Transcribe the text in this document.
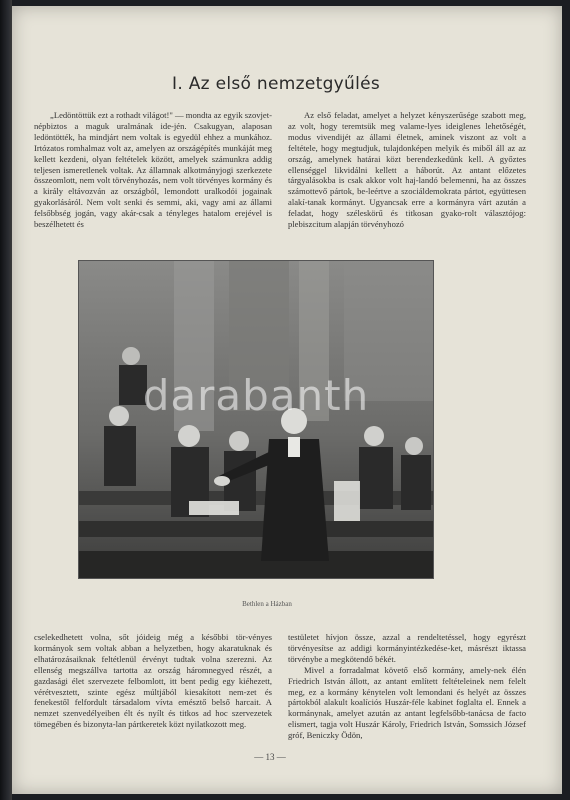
I. Az első nemzetgyűlés

„Ledöntöttük ezt a rothadt világot!" — mondta az egyik szovjet-népbiztos a maguk uralmának ide-jén. Csakugyan, alaposan ledöntötték, ha mindjárt nem voltak is egyedül ehhez a munkához. Irtózatos romhalmaz volt az, amelyen az országépítés munkáját meg kellett kezdeni, olyan feltételek között, amelyek számunkra addig teljesen ismeretlenek voltak. Az államnak alkotmányjogi szerkezete összeomlott, nem volt törvényhozás, nem volt törvényes kormány és a király eltávozván az országból, lemondott uralkodói jogainak gyakorlásáról. Nem volt senki és semmi, aki, vagy ami az állami felsőbbség jogán, vagy akár-csak a tényleges hatalom erejével is beszélhetett és

Az első feladat, amelyet a helyzet kényszerűsége szabott meg, az volt, hogy teremtsük meg valame-lyes ideiglenes lehetőségét, modus vivendijét az állami életnek, aminek viszont az volt a feltétele, hogy megtudjuk, tulajdonképen melyik és miből áll az az ország, amelynek határai közt berendezkedünk kell. A győztes ellenséggel likvidálni kellett a háborút. Az antant előzetes tárgyalásokba is csak akkor volt haj-landó belemenni, ha az összes számottevő pártok, be-leértve a szociáldemokrata pártot, együttesen alakí-tanak kormányt. Ugyancsak erre a kormányra várt azután a feladat, hogy széleskörű és titkosan gyako-rolt választójog: plebiszcitum alapján törvényhozó

darabanth
Bethlen a Házban

cselekedhetett volna, sőt jóideig még a későbbi tör-vényes kormányok sem voltak abban a helyzetben, hogy akaratuknak és elhatározásaiknak feltétlenül érvényt tudtak volna szerezni. Az ellenség megszállva tartotta az ország háromnegyed részét, a gazdasági élet szervezete felbomlott, itt bent pedig egy kiéhezett, vérétvesztett, szinte egész múltjából kiesakított nem-zet és fenekestől felfordult társadalom vívta emésztő belső harcait. A nemzet szenvedélyeiben élt és nyílt és titkos ad hoc szervezetek tömegében és bizonyta-lan pártkeretek közt nyilatkozott meg.

testületet hívjon össze, azzal a rendeltetéssel, hogy egyrészt törvényesítse az addigi kormányintézkedése-ket, másrészt iktassa törvénybe a megkötendő békét.

Mivel a forradalmat követő első kormány, amely-nek élén Friedrich István állott, az antant említett feltételeinek nem felelt meg, ez a kormány kénytelen volt lemondani és helyét az összes pártokból alakult koalíciós Huszár-féle kabinet foglalta el. Ennek a kormánynak, amelyet azután az antant legfelsőbb-tanácsa de facto elismert, tagja volt Huszár Károly, Friedrich István, Somssich József gróf, Beniczky Ödön,

— 13 —
